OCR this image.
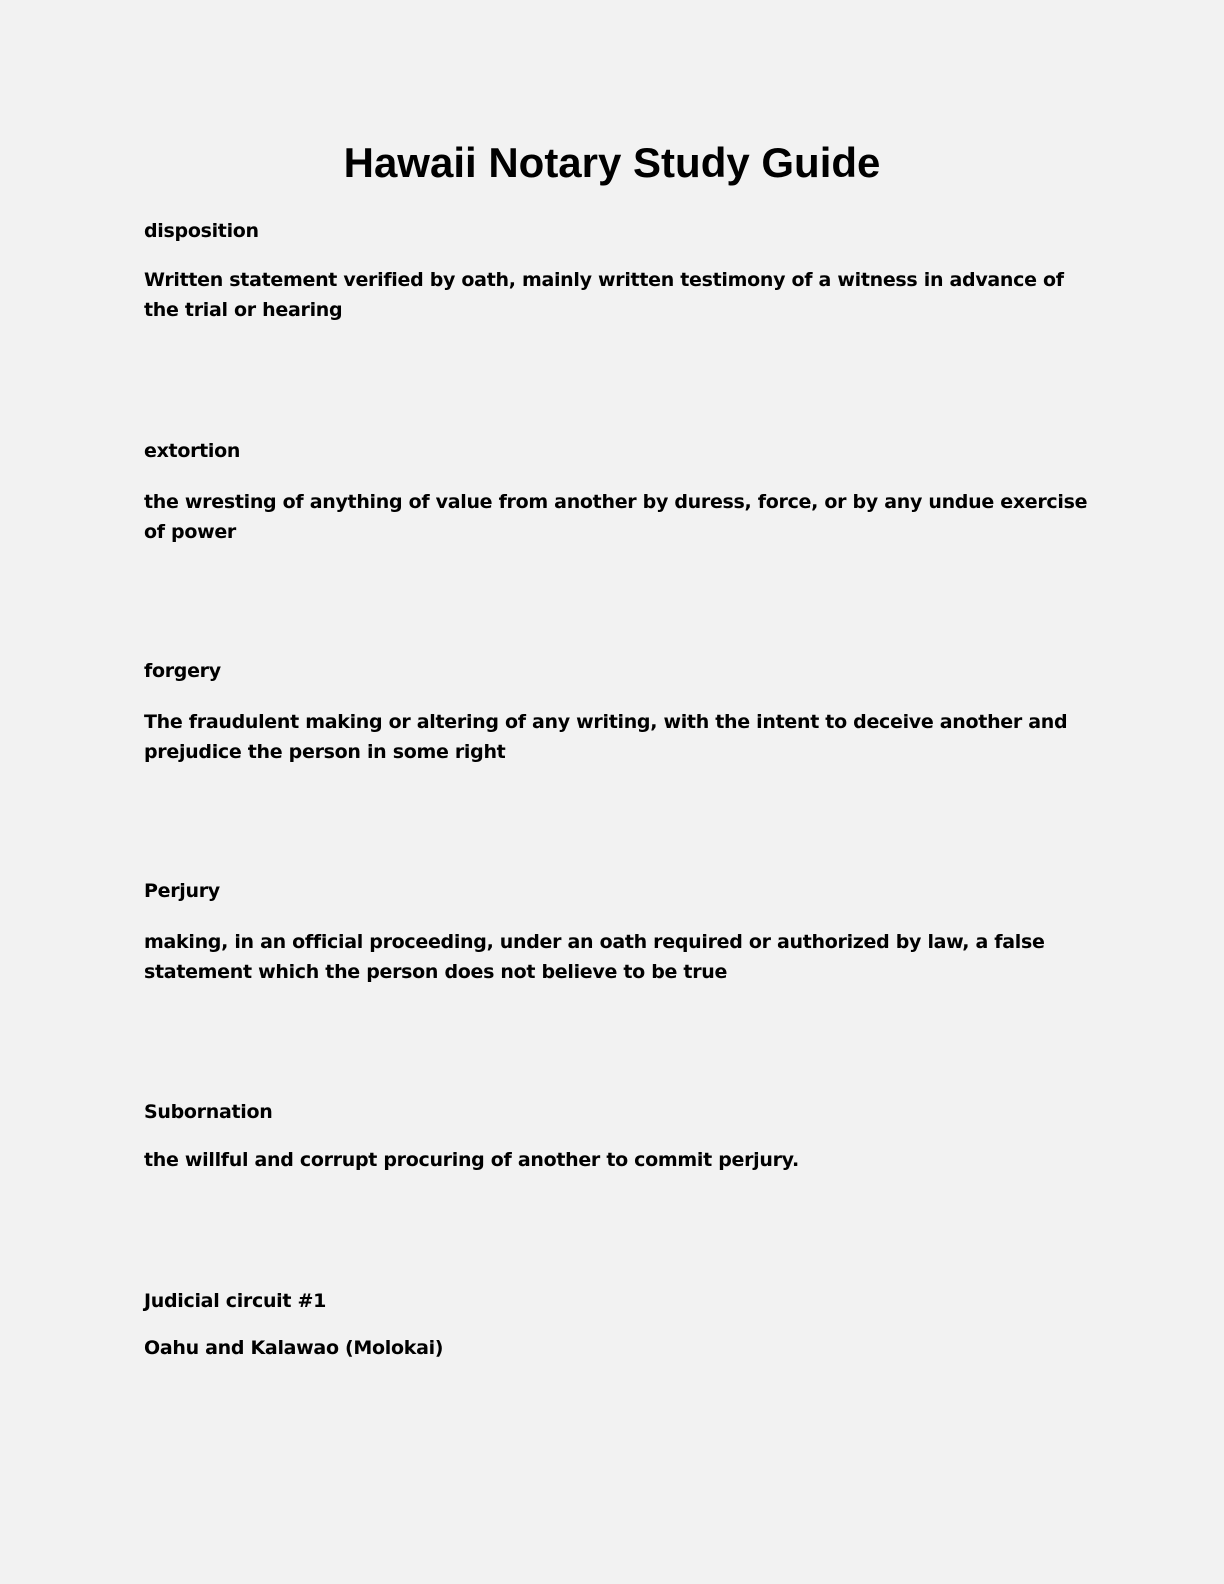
Hawaii Notary Study Guide

disposition

Written statement verified by oath, mainly written testimony of a witness in advance of the trial or hearing

extortion

the wresting of anything of value from another by duress, force, or by any undue exercise of power

forgery

The fraudulent making or altering of any writing, with the intent to deceive another and prejudice the person in some right

Perjury

making, in an official proceeding, under an oath required or authorized by law, a false statement which the person does not believe to be true

Subornation

the willful and corrupt procuring of another to commit perjury.

Judicial circuit #1

Oahu and Kalawao (Molokai)
